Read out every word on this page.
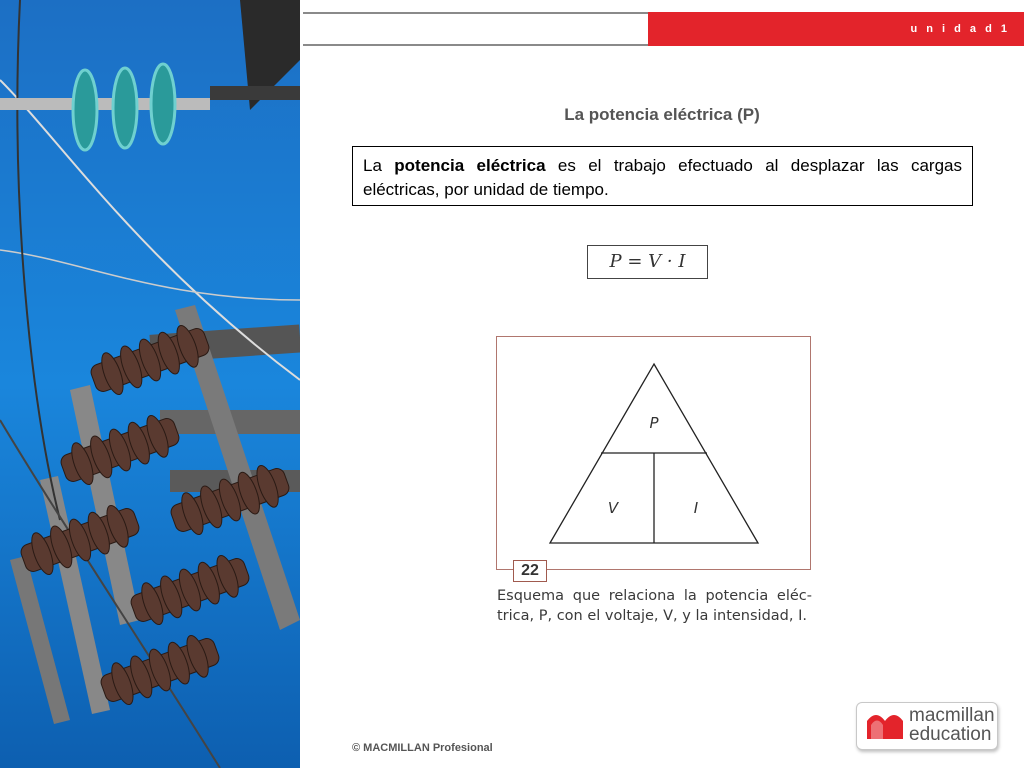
u n i d a d 1
La potencia eléctrica (P)
La potencia eléctrica es el trabajo efectuado al desplazar las cargas eléctricas, por unidad de tiempo.
P = V · I
P
V	I
22
Esquema que relaciona la potencia eléctrica, P, con el voltaje, V, y la intensidad, I.
© MACMILLAN Profesional
macmillan
education
